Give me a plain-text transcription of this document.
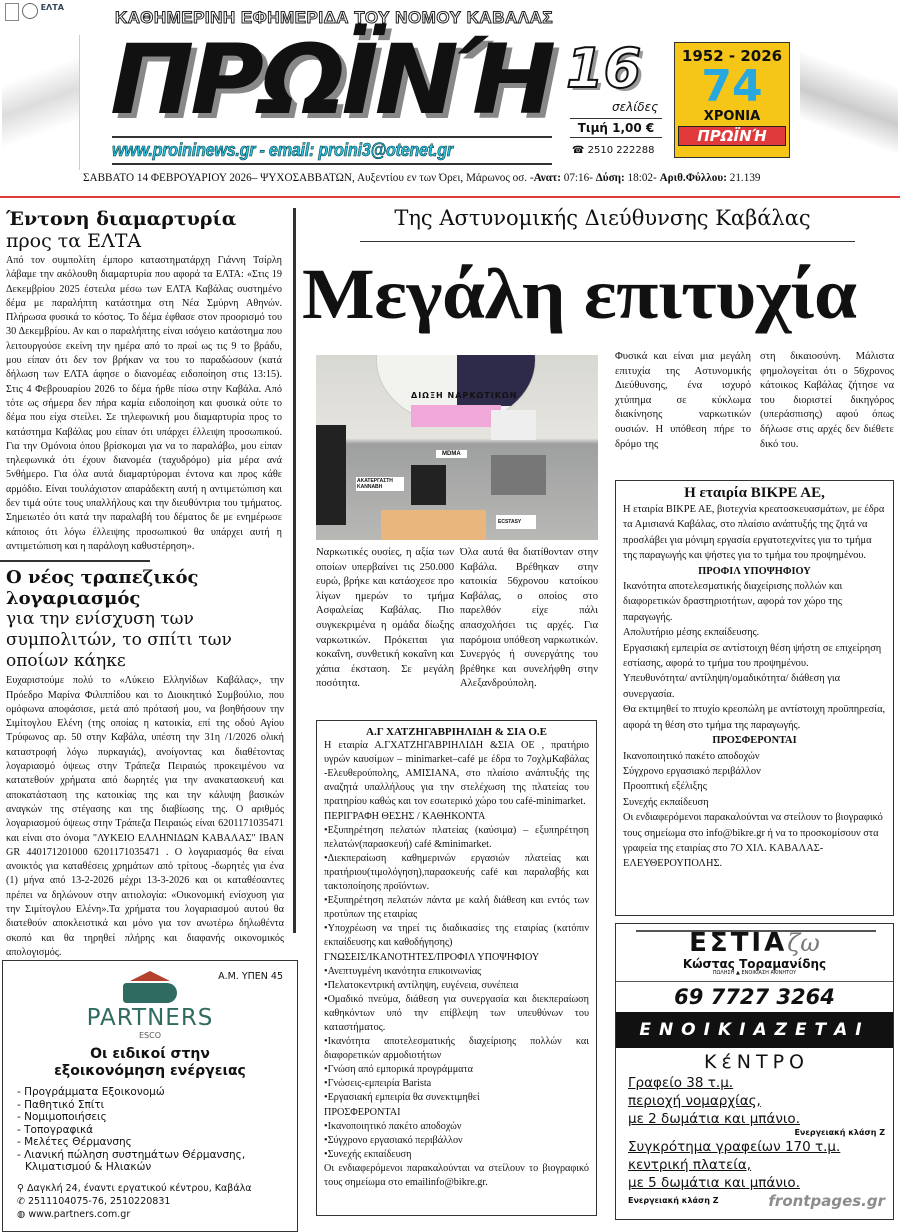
ΕΛΤΑ
ΚΑΘΗΜΕΡΙΝΗ ΕΦΗΜΕΡΙΔΑ ΤΟΥ ΝΟΜΟΥ ΚΑΒΑΛΑΣ
ΠΡΩΪΝΉ
www.proininews.gr - email: proini3@otenet.gr
16
σελίδες
Τιμή 1,00 €
☎ 2510 222288
1952 - 2026
74
ΧΡΟΝΙΑ
ΠΡΩΪΝΉ
ΣΑΒΒΑΤΟ 14 ΦΕΒΡΟΥΑΡΙΟΥ 2026– ΨΥΧΟΣΑΒΒΑΤΩΝ, Αυξεντίου εν των Όρει, Μάρωνος οσ. -Ανατ: 07:16- Δύση: 18:02- Αριθ.Φύλλου: 21.139
Έντονη διαμαρτυρία
προς τα ΕΛΤΑ
Από τον συμπολίτη έμπορο καταστηματάρχη Γιάννη Τσίρλη λάβαμε την ακόλουθη διαμαρτυρία που αφορά τα ΕΛΤΑ: «Στις 19 Δεκεμβρίου 2025 έστειλα μέσω των ΕΛΤΑ Καβάλας συστημένο δέμα με παραλήπτη κατάστημα στη Νέα Σμύρνη Αθηνών. Πλήρωσα φυσικά το κόστος. Το δέμα έφθασε στον προορισμό του 30 Δεκεμβρίου. Αν και ο παραλήπτης είναι ισόγειο κατάστημα που λειτουργούσε εκείνη την ημέρα από το πρωί ως τις 9 το βράδυ, μου είπαν ότι δεν τον βρήκαν να του το παραδώσουν (κατά δήλωση των ΕΛΤΑ άφησε ο διανομέας ειδοποίηση στις 13:15). Στις 4 Φεβρουαρίου 2026 το δέμα ήρθε πίσω στην Καβάλα. Από τότε ως σήμερα δεν πήρα καμία ειδοποίηση και φυσικά ούτε το δέμα που είχα στείλει. Σε τηλεφωνική μου διαμαρτυρία προς το κατάστημα Καβάλας μου είπαν ότι υπάρχει έλλειψη προσωπικού. Για την Ομόνοια όπου βρίσκομαι για να το παραλάβω, μου είπαν τηλεφωνικά ότι έχουν διανομέα (ταχυδρόμο) μία μέρα ανά 5νθήμερο. Για όλα αυτά διαμαρτύρομαι έντονα και προς κάθε αρμόδιο. Είναι τουλάχιστον απαράδεκτη αυτή η αντιμετώπιση και δεν τιμά ούτε τους υπαλλήλους και την διευθύντρια του τμήματος. Σημειωτέο ότι κατά την παραλαβή του δέματος δε με ενημέρωσε κάποιος ότι λόγω έλλειψης προσωπικού θα υπάρχει αυτή η αντιμετώπιση και η παράλογη καθυστέρηση».
Ο νέος τραπεζικός λογαριασμός
για την ενίσχυση των συμπολιτών, το σπίτι των οποίων κάηκε
Ευχαριστούμε πολύ το «Λύκειο Ελληνίδων Καβάλας», την Πρόεδρο Μαρίνα Φιλιππίδου και το Διοικητικό Συμβούλιο, που ομόφωνα αποφάσισε, μετά από πρότασή μου, να βοηθήσουν την Σιμίτογλου Ελένη (της οποίας η κατοικία, επί της οδού Αγίου Τρύφωνος αρ. 50 στην Καβάλα, υπέστη την 31η /1/2026 ολική καταστροφή λόγω πυρκαγιάς), ανοίγοντας και διαθέτοντας λογαριασμό όψεως στην Τράπεζα Πειραιώς προκειμένου να κατατεθούν χρήματα από δωρητές για την ανακατασκευή και αποκατάσταση της κατοικίας της και την κάλυψη βασικών αναγκών της στέγασης και της διαβίωσης της. Ο αριθμός λογαριασμού όψεως στην Τράπεζα Πειραιώς είναι 6201171035471 και είναι στο όνομα "ΛΥΚΕΙΟ ΕΛΛΗΝΙΔΩΝ ΚΑΒΑΛΑΣ" IBAN GR 440171201000 6201171035471 . Ο λογαριασμός θα είναι ανοικτός για καταθέσεις χρημάτων από τρίτους -δωρητές για ένα (1) μήνα από 13-2-2026 μέχρι 13-3-2026 και οι καταθέσαντες πρέπει να δηλώνουν στην αιτιολογία: «Οικονομική ενίσχυση για την Σιμίτογλου Ελένη».Τα χρήματα του λογαριασμού αυτού θα διατεθούν αποκλειστικά και μόνο για τον ανωτέρω δηλωθέντα σκοπό και θα τηρηθεί πλήρης και διαφανής οικονομικός απολογισμός.
Α.Μ. ΥΠΕΝ 45
PARTNERS
ESCO
Οι ειδικοί στην εξοικονόμηση ενέργειας
- Προγράμματα Εξοικονομώ
- Παθητικό Σπίτι
- Νομιμοποιήσεις
- Τοπογραφικά
- Μελέτες Θέρμανσης
- Λιανική πώληση συστημάτων Θέρμανσης, Κλιματισμού & Ηλιακών
⚲ Δαγκλή 24, έναντι εργατικού κέντρου, Καβάλα
✆ 2511104075-76, 2510220831
◍ www.partners.com.gr
Της Αστυνομικής Διεύθυνσης Καβάλας
Μεγάλη επιτυχία
ΔΙΩΞΗ ΝΑΡΚΩΤΙΚΩΝ
MDMA
ΑΚΑΤΕΡΓΑΣΤΗ ΚΑΝΝΑΒΗ
ECSTASY
Ναρκωτικές ουσίες, η αξία των οποίων υπερβαίνει τις 250.000 ευρώ, βρήκε και κατάσχεσε προ λίγων ημερών το τμήμα Ασφαλείας Καβάλας. Πιο συγκεκριμένα η ομάδα δίωξης ναρκωτικών. Πρόκειται για κοκαΐνη, συνθετική κοκαΐνη και χάπια έκσταση. Σε μεγάλη ποσότητα.
Όλα αυτά θα διατίθονταν στην Καβάλα. Βρέθηκαν στην κατοικία 56χρονου κατοίκου Καβάλας, ο οποίος στο παρελθόν είχε πάλι απασχολήσει τις αρχές. Για παρόμοια υπόθεση ναρκωτικών. Συνεργός ή συνεργάτης του βρέθηκε και συνελήφθη στην Αλεξανδρούπολη.
Φυσικά και είναι μια μεγάλη επιτυχία της Αστυνομικής Διεύθυνσης, ένα ισχυρό χτύπημα σε κύκλωμα διακίνησης ναρκωτικών ουσιών. Η υπόθεση πήρε το δρόμο της
στη δικαιοσύνη. Μάλιστα φημολογείται ότι ο 56χρονος κάτοικος Καβάλας ζήτησε να του διοριστεί δικηγόρος (υπεράσπισης) αφού όπως δήλωσε στις αρχές δεν διέθετε δικό του.
Η εταιρία ΒΙΚΡΕ ΑΕ,
Η εταιρία ΒΙΚΡΕ ΑΕ, βιοτεχνία κρεατοσκευασμάτων, με έδρα τα Αμισιανά Καβάλας, στο πλαίσιο ανάπτυξής της ζητά να προσλάβει για μόνιμη εργασία εργατοτεχνίτες για το τμήμα της παραγωγής και ψήστες για το τμήμα του προψημένου.
ΠΡΟΦΙΛ ΥΠΟΨΗΦΙΟΥ
Ικανότητα αποτελεσματικής διαχείρισης πολλών και διαφορετικών δραστηριοτήτων, αφορά τον χώρο της παραγωγής.
Απολυτήριο μέσης εκπαίδευσης.
Εργασιακή εμπειρία σε αντίστοιχη θέση ψήστη σε επιχείρηση εστίασης, αφορά το τμήμα του προψημένου.
Υπευθυνότητα/ αντίληψη/ομαδικότητα/ διάθεση για συνεργασία.
Θα εκτιμηθεί το πτυχίο κρεοπώλη με αντίστοιχη προϋπηρεσία, αφορά τη θέση στο τμήμα της παραγωγής.
ΠΡΟΣΦΕΡΟΝΤΑΙ
Ικανοποιητικό πακέτο αποδοχών
Σύγχρονο εργασιακό περιβάλλον
Προοπτική εξέλιξης
Συνεχής εκπαίδευση
Οι ενδιαφερόμενοι παρακαλούνται να στείλουν το βιογραφικό τους σημείωμα στο info@bikre.gr ή να το προσκομίσουν στα γραφεία της εταιρίας στο 7Ο ΧΙΛ. ΚΑΒΑΛΑΣ- ΕΛΕΥΘΕΡΟΥΠΟΛΗΣ.
ΕΣΤΙΑζω
Κώστας Τοραμανίδης
ΠΩΛΗΣΗ ▲ ΕΝΟΙΚΙΑΣΗ ΑΚΙΝΗΤΟΥ
69 7727 3264
ΕΝΟΙΚΙΑΖΕΤΑΙ
ΚέΝΤΡΟ
Γραφείο 38 τ.μ.
περιοχή νομαρχίας,
με 2 δωμάτια και μπάνιο.
Ενεργειακή κλάση Ζ
Συγκρότημα γραφείων 170 τ.μ.
κεντρική πλατεία,
με 5 δωμάτια και μπάνιο.
Ενεργειακή κλάση Ζ	frontpages.gr
Α.Γ ΧΑΤΖΗΓΑΒΡΙΗΛΙΔΗ & ΣΙΑ Ο.Ε
Η εταιρία Α.ΓΧΑΤΖΗΓΑΒΡΙΗΛΙΔΗ &ΣΙΑ ΟΕ , πρατήριο υγρών καυσίμων – minimarket–café με έδρα το 7οχλμΚαβάλας -Ελευθερούπολης, ΑΜΙΣΙΑΝΑ, στο πλαίσιο ανάπτυξής της αναζητά υπαλλήλους για την στελέχωση της πλατείας του πρατηρίου καθώς και τον εσωτερικό χώρο του café-minimarket.
ΠΕΡΙΓΡΑΦΗ ΘΕΣΗΣ / ΚΑΘΗΚΟΝΤΑ
•Εξυπηρέτηση πελατών πλατείας (καύσιμα) – εξυπηρέτηση πελατών(παρασκευή) café &minimarket.
•Διεκπεραίωση καθημερινών εργασιών πλατείας και πρατήριου(τιμολόγηση),παρασκευής café και παραλαβής και τακτοποίησης προϊόντων.
•Εξυπηρέτηση πελατών πάντα με καλή διάθεση και εντός των προτύπων της εταιρίας
•Υποχρέωση να τηρεί τις διαδικασίες της εταιρίας (κατόπιν εκπαίδευσης και καθοδήγησης)
ΓΝΩΣΕΙΣ/ΙΚΑΝΟΤΗΤΕΣ/ΠΡΟΦΙΛ ΥΠΟΨΗΦΙΟΥ
•Ανεπτυγμένη ικανότητα επικοινωνίας
•Πελατοκεντρική αντίληψη, ευγένεια, συνέπεια
•Ομαδικό πνεύμα, διάθεση για συνεργασία και διεκπεραίωση καθηκόντων υπό την επίβλεψη των υπευθύνων του καταστήματος.
•Ικανότητα αποτελεσματικής διαχείρισης πολλών και διαφορετικών αρμοδιοτήτων
•Γνώση από εμπορικά προγράμματα
•Γνώσεις-εμπειρία Barista
•Εργασιακή εμπειρία θα συνεκτιμηθεί
ΠΡΟΣΦΕΡΟΝΤΑΙ
•Ικανοποιητικό πακέτο αποδοχών
•Σύγχρονο εργασιακό περιβάλλον
•Συνεχής εκπαίδευση
Οι ενδιαφερόμενοι παρακαλούνται να στείλουν το βιογραφικό τους σημείωμα στο emailinfo@bikre.gr.
